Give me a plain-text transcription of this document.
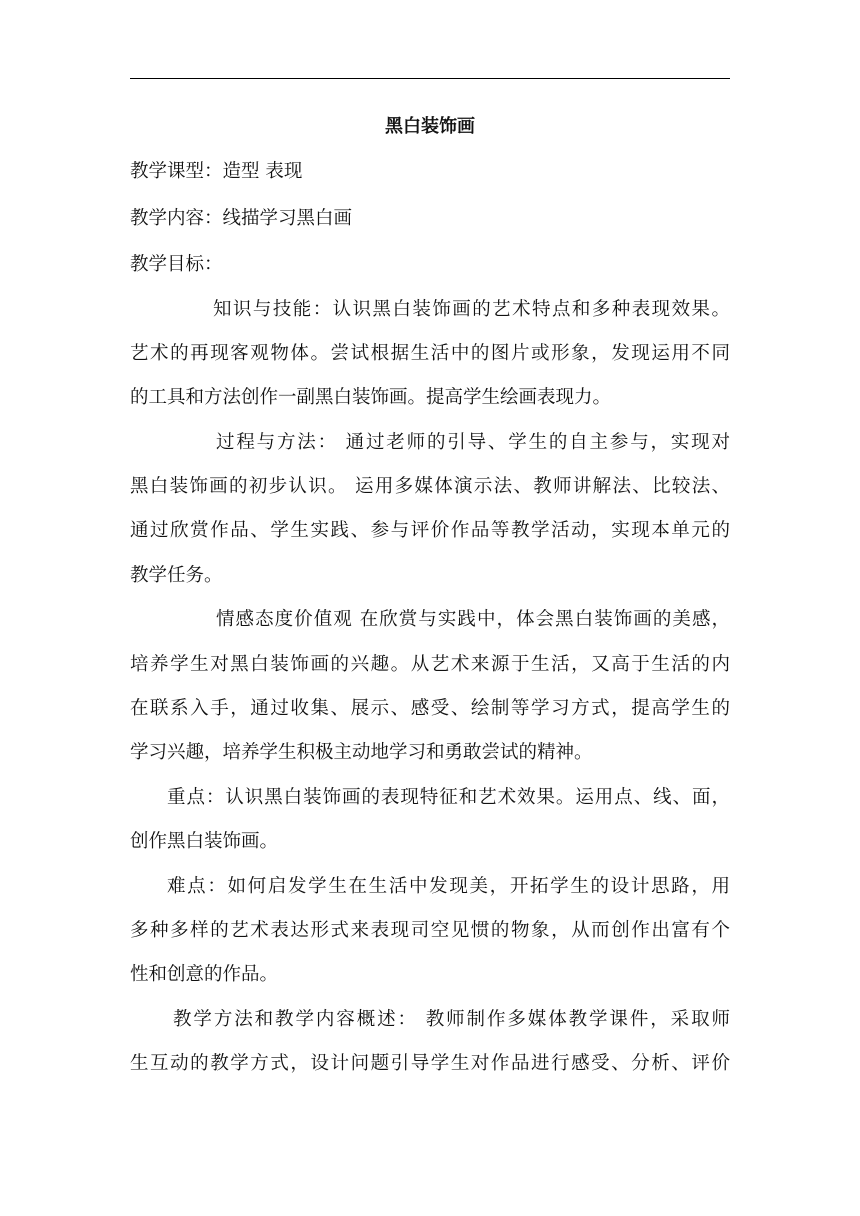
黑白装饰画
教学课型：造型 表现
教学内容：线描学习黑白画
教学目标：
知识与技能：认识黑白装饰画的艺术特点和多种表现效果。
艺术的再现客观物体。尝试根据生活中的图片或形象，发现运用不同
的工具和方法创作一副黑白装饰画。提高学生绘画表现力。
过程与方法： 通过老师的引导、学生的自主参与，实现对
黑白装饰画的初步认识。 运用多媒体演示法、教师讲解法、比较法、
通过欣赏作品、学生实践、参与评价作品等教学活动，实现本单元的
教学任务。
情感态度价值观 在欣赏与实践中，体会黑白装饰画的美感，
培养学生对黑白装饰画的兴趣。从艺术来源于生活，又高于生活的内
在联系入手，通过收集、展示、感受、绘制等学习方式，提高学生的
学习兴趣，培养学生积极主动地学习和勇敢尝试的精神。
重点：认识黑白装饰画的表现特征和艺术效果。运用点、线、面，
创作黑白装饰画。
难点：如何启发学生在生活中发现美，开拓学生的设计思路，用
多种多样的艺术表达形式来表现司空见惯的物象，从而创作出富有个
性和创意的作品。
教学方法和教学内容概述： 教师制作多媒体教学课件，采取师
生互动的教学方式，设计问题引导学生对作品进行感受、分析、评价
